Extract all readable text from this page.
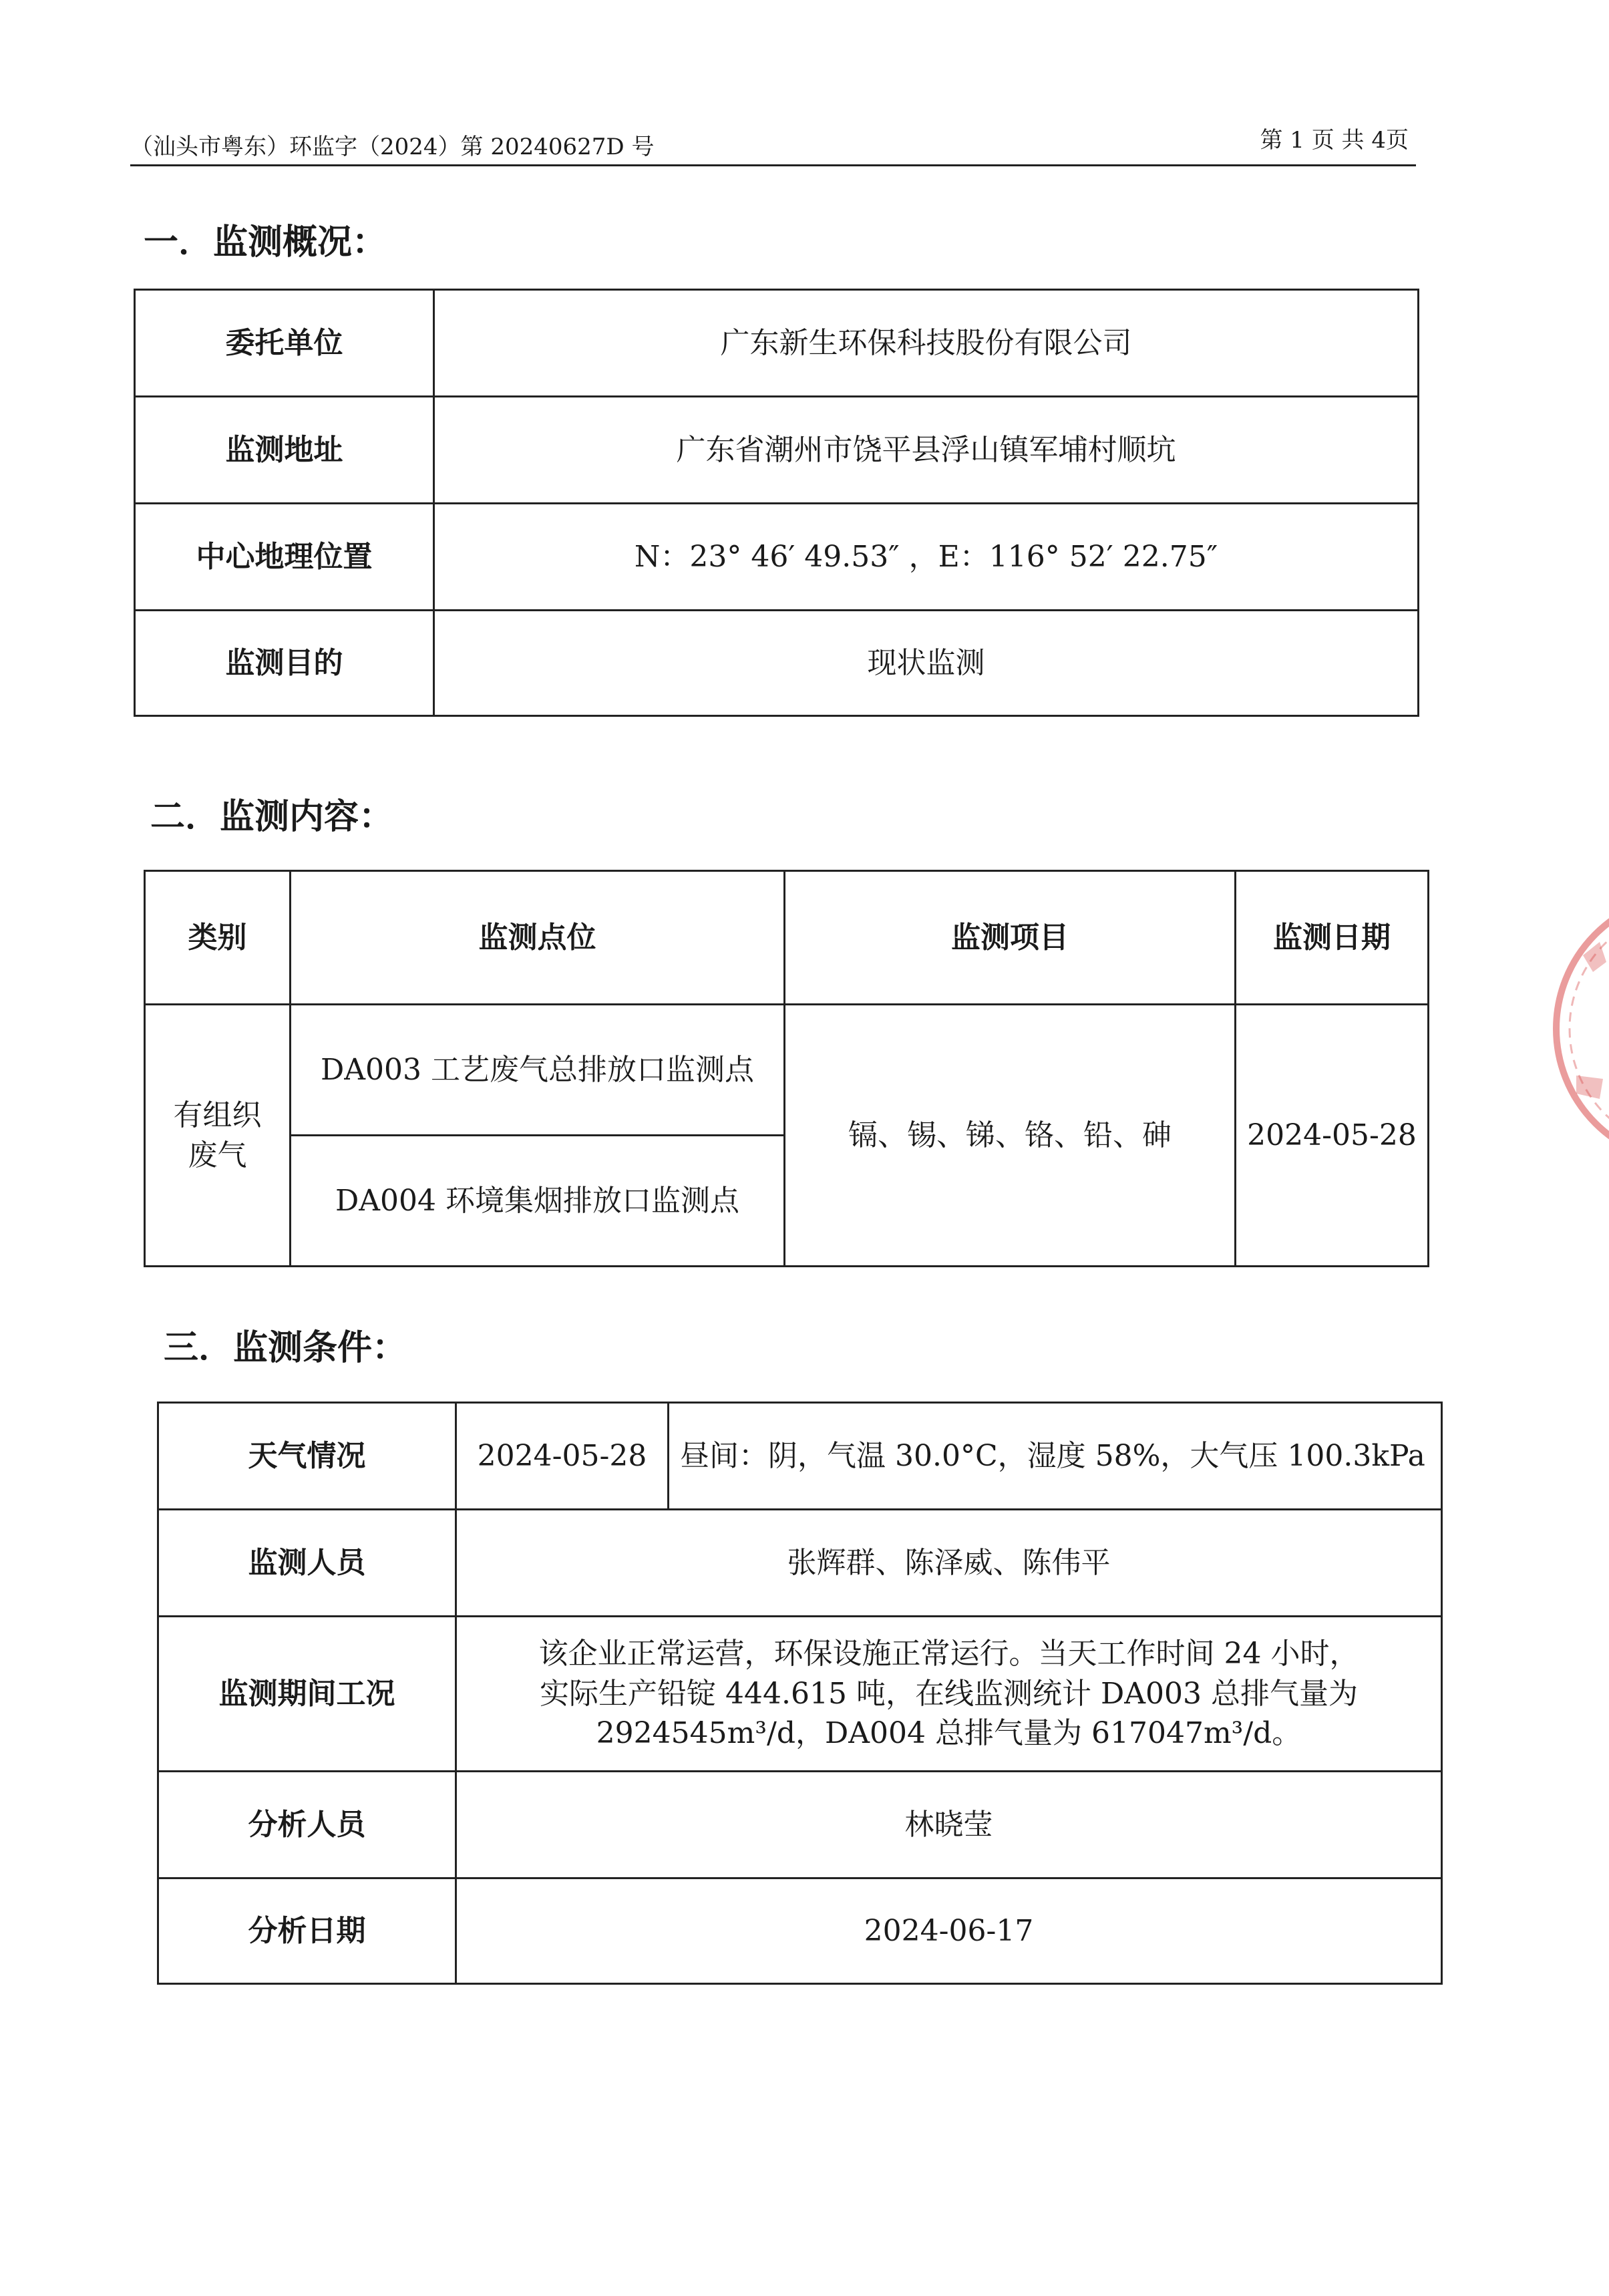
（汕头市粤东）环监字（2024）第 20240627D 号	第 1 页 共 4页
一．监测概况：
委托单位	广东新生环保科技股份有限公司
监测地址	广东省潮州市饶平县浮山镇军埔村顺坑
中心地理位置	N：23° 46′ 49.53″ ，E：116° 52′ 22.75″
监测目的	现状监测
二．监测内容：
类别	监测点位	监测项目	监测日期
有组织废气	DA003 工艺废气总排放口监测点	镉、锡、锑、铬、铅、砷	2024-05-28
	DA004 环境集烟排放口监测点		
三．监测条件：
天气情况	2024-05-28	昼间：阴，气温 30.0°C，湿度 58%，大气压 100.3kPa
监测人员	张辉群、陈泽威、陈伟平	
监测期间工况	该企业正常运营，环保设施正常运行。当天工作时间 24 小时，
实际生产铅锭 444.615 吨，在线监测统计 DA003 总排气量为
2924545m³/d，DA004 总排气量为 617047m³/d。	

分析人员	林晓莹	
分析日期	2024-06-17	
